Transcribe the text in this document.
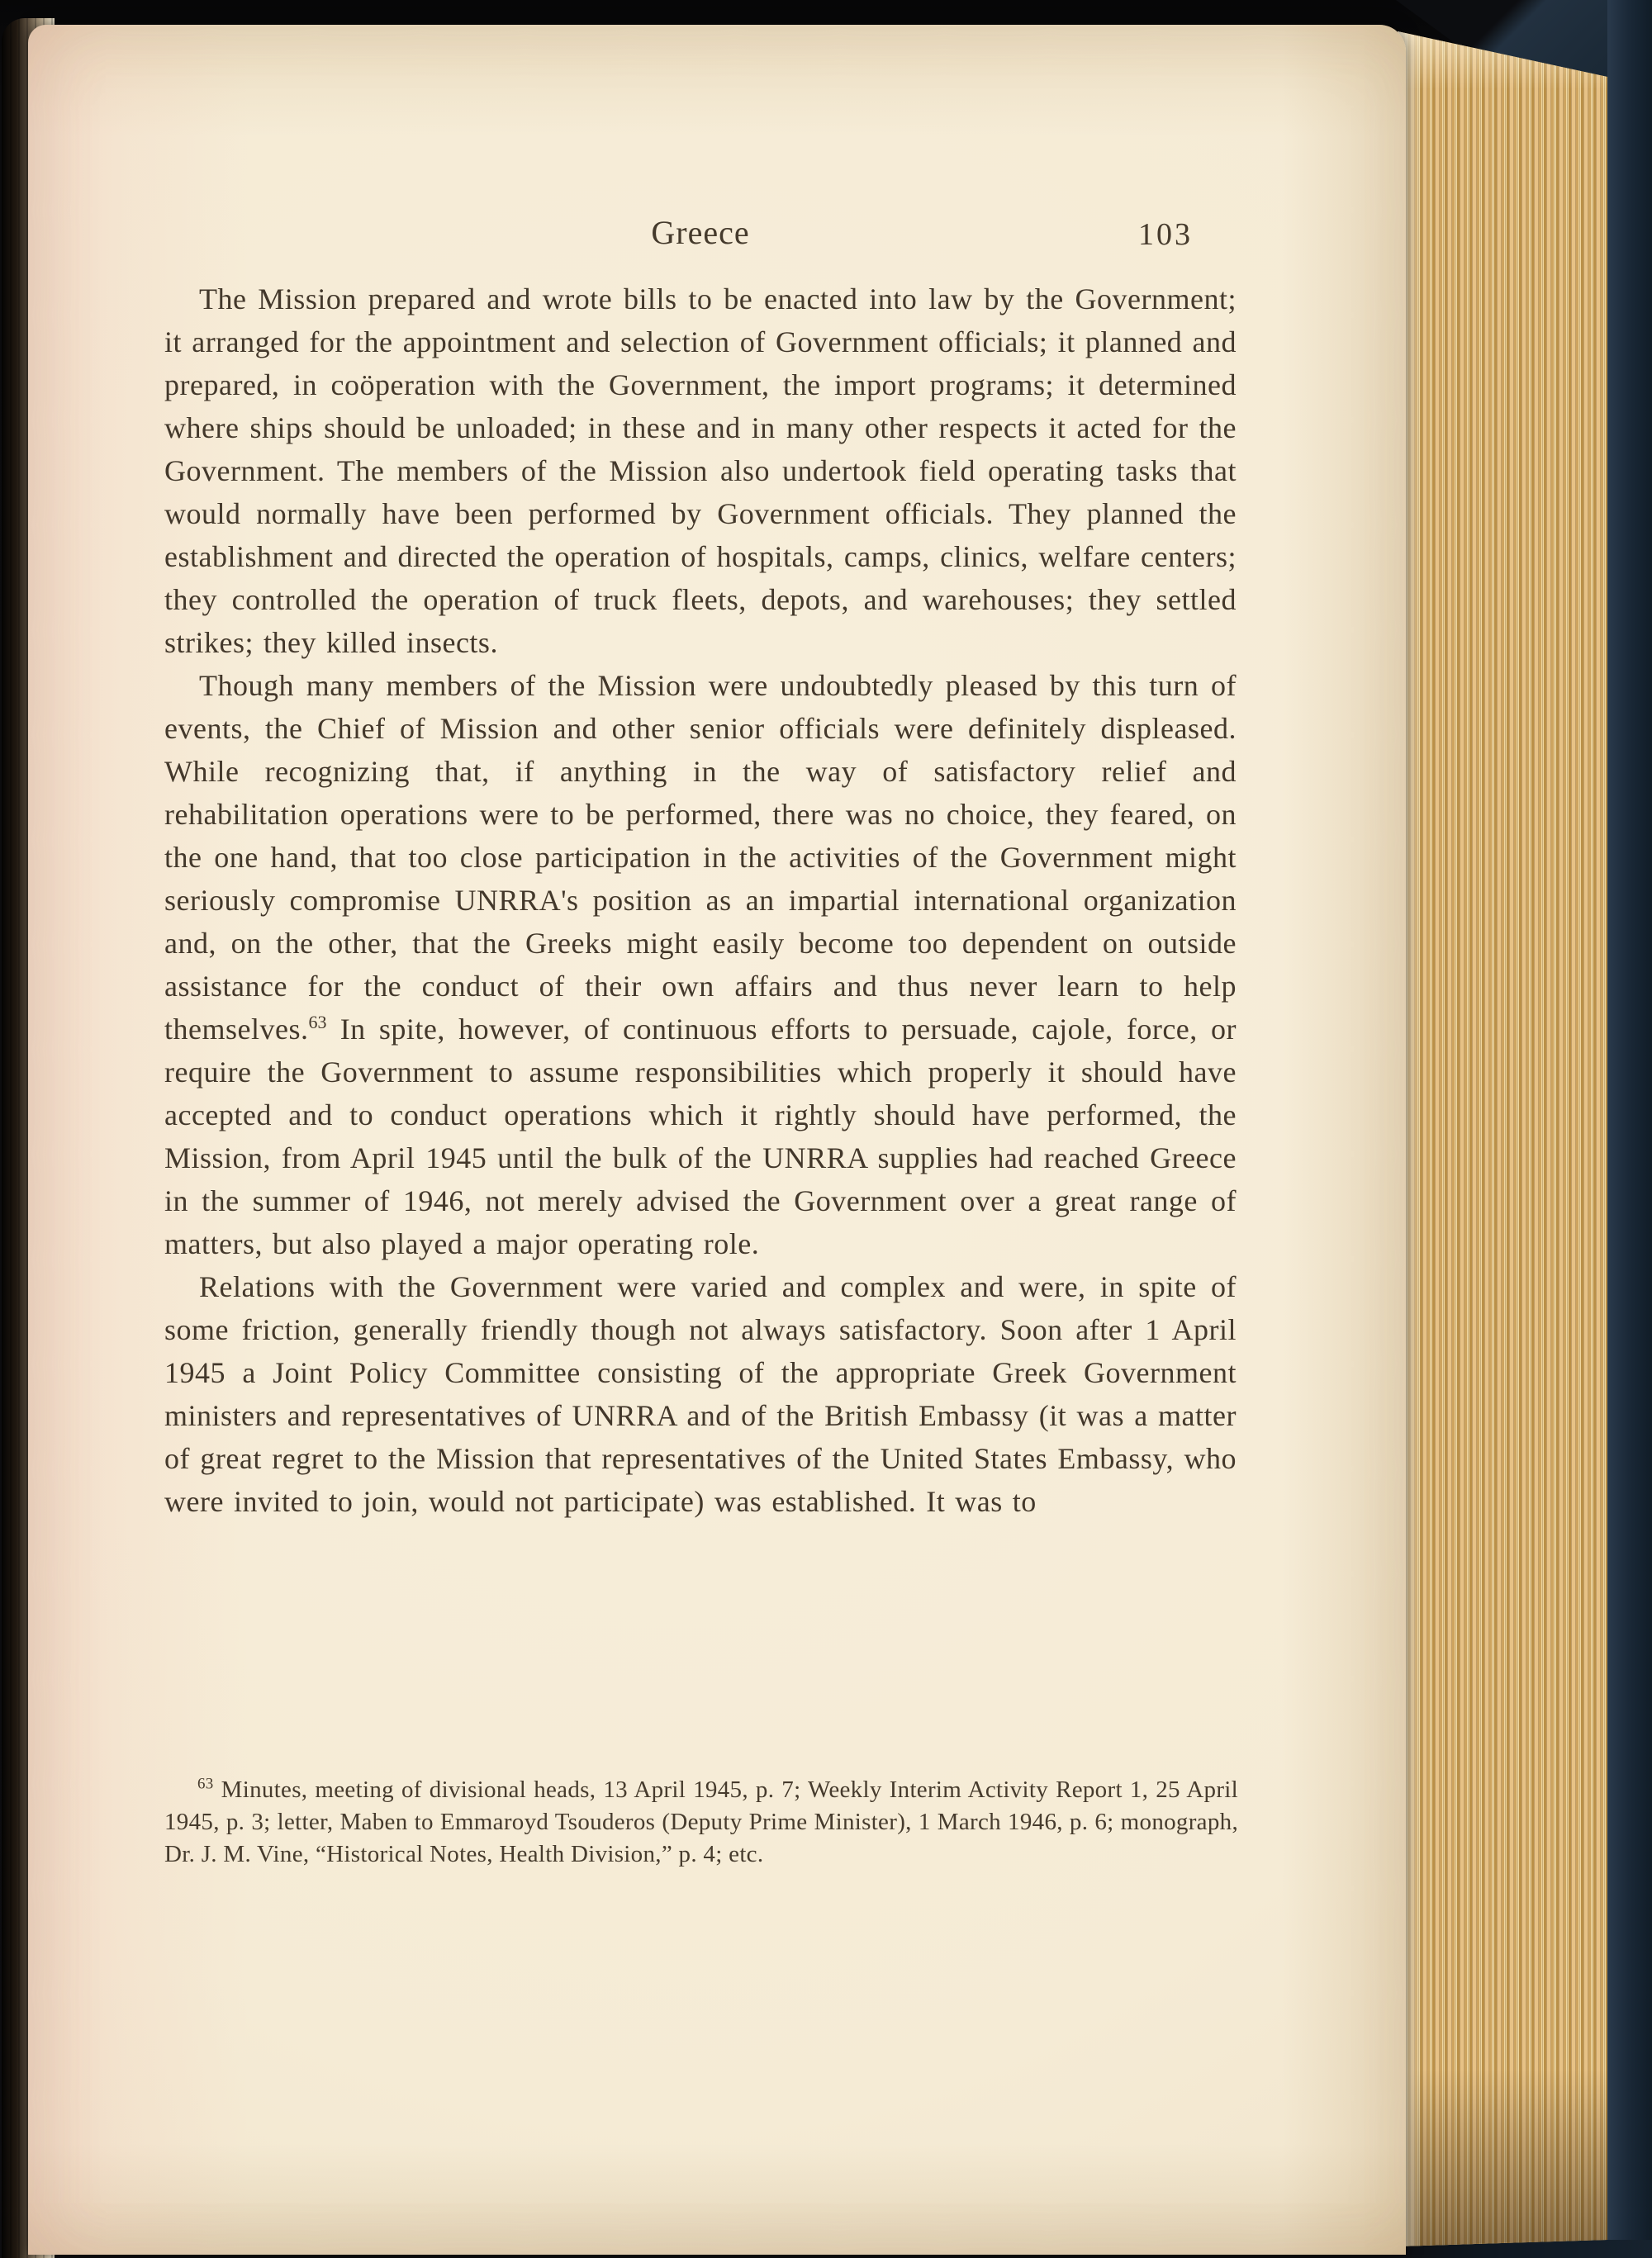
Greece	103

The Mission prepared and wrote bills to be enacted into law by the Government; it arranged for the appointment and selection of Government officials; it planned and prepared, in coöperation with the Government, the import programs; it determined where ships should be unloaded; in these and in many other respects it acted for the Government. The members of the Mission also undertook field operating tasks that would normally have been performed by Government officials. They planned the establishment and directed the operation of hospitals, camps, clinics, welfare centers; they controlled the operation of truck fleets, depots, and warehouses; they settled strikes; they killed insects.

Though many members of the Mission were undoubtedly pleased by this turn of events, the Chief of Mission and other senior officials were definitely displeased. While recognizing that, if anything in the way of satisfactory relief and rehabilitation operations were to be performed, there was no choice, they feared, on the one hand, that too close participation in the activities of the Government might seriously compromise UNRRA's position as an impartial international organization and, on the other, that the Greeks might easily become too dependent on outside assistance for the conduct of their own affairs and thus never learn to help themselves.$^{63}$ In spite, however, of continuous efforts to persuade, cajole, force, or require the Government to assume responsibilities which properly it should have accepted and to conduct operations which it rightly should have performed, the Mission, from April 1945 until the bulk of the UNRRA supplies had reached Greece in the summer of 1946, not merely advised the Government over a great range of matters, but also played a major operating role.

Relations with the Government were varied and complex and were, in spite of some friction, generally friendly though not always satisfactory. Soon after 1 April 1945 a Joint Policy Committee consisting of the appropriate Greek Government ministers and representatives of UNRRA and of the British Embassy (it was a matter of great regret to the Mission that representatives of the United States Embassy, who were invited to join, would not participate) was established. It was to

$^{63}$ Minutes, meeting of divisional heads, 13 April 1945, p. 7; Weekly Interim Activity Report 1, 25 April 1945, p. 3; letter, Maben to Emmaroyd Tsouderos (Deputy Prime Minister), 1 March 1946, p. 6; monograph, Dr. J. M. Vine, “Historical Notes, Health Division,” p. 4; etc.
